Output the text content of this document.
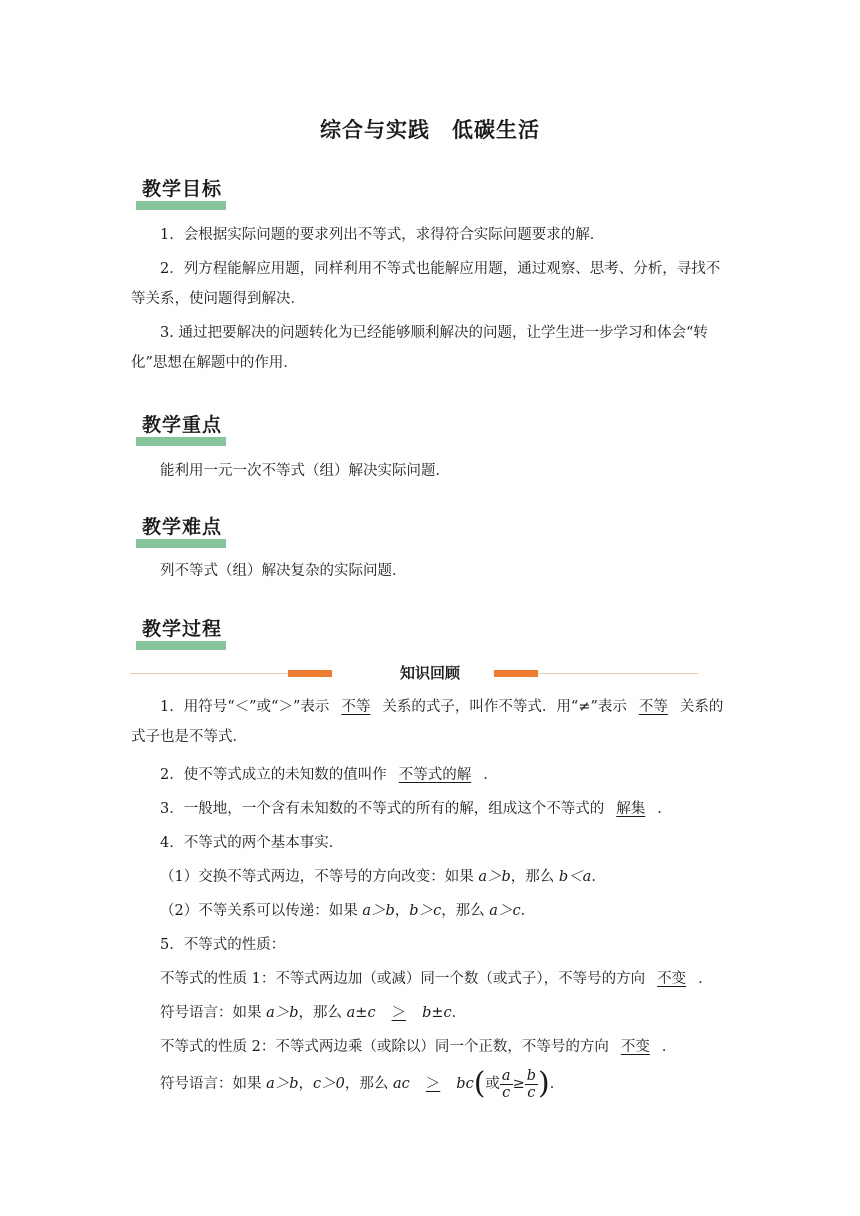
综合与实践　低碳生活
教学目标

1．会根据实际问题的要求列出不等式，求得符合实际问题要求的解．

2．列方程能解应用题，同样利用不等式也能解应用题，通过观察、思考、分析，寻找不等关系，使问题得到解决．

3. 通过把要解决的问题转化为已经能够顺利解决的问题，让学生进一步学习和体会“转化”思想在解题中的作用．

教学重点

能利用一元一次不等式（组）解决实际问题．

教学难点

列不等式（组）解决复杂的实际问题．

教学过程
知识回顾

1．用符号“＜”或“＞”表示 不等 关系的式子，叫作不等式．用“≠”表示 不等 关系的式子也是不等式．

2．使不等式成立的未知数的值叫作 不等式的解 ．

3．一般地，一个含有未知数的不等式的所有的解，组成这个不等式的 解集 ．

4．不等式的两个基本事实．

（1）交换不等式两边，不等号的方向改变：如果 a＞b，那么 b＜a．

（2）不等关系可以传递：如果 a＞b，b＞c，那么 a＞c．

5．不等式的性质：

不等式的性质 1：不等式两边加（或减）同一个数（或式子），不等号的方向 不变 ．

符号语言：如果 a＞b，那么 a±c ＞ b±c．

不等式的性质 2：不等式两边乘（或除以）同一个正数，不等号的方向 不变 ．

符号语言：如果 a＞b，c＞0，那么 ac ＞ bc(或 $\frac{a}{c} \ge \frac{b}{c}$ )．
